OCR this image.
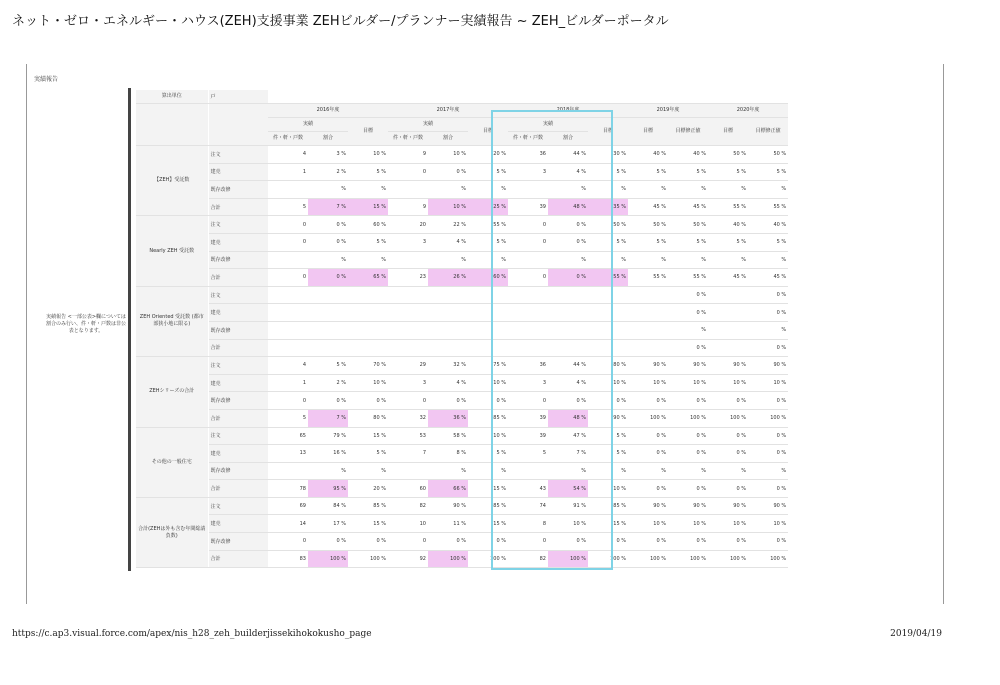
ネット・ゼロ・エネルギー・ハウス(ZEH)支援事業 ZEHビルダー/プランナー実績報告 ~ ZEH_ビルダーポータル
実績報告
実績報告 <一部公表>欄については割合のみ行い、件・軒・戸数は非公表となります。
算出単位	戸													
		2016年度			2017年度			2018年度			2019年度		2020年度	
		実績		目標	実績		目標	実績		目標	目標	目標修正値	目標	目標修正値
		件・軒・戸数	割合		件・軒・戸数	割合		件・軒・戸数	割合					
【ZEH】受託数	注文	4	3 %	10 %	9	10 %	20 %	36	44 %	30 %	40 %	40 %	50 %	50 %
	建売	1	2 %	5 %	0	0 %	5 %	3	4 %	5 %	5 %	5 %	5 %	5 %
	既存改修		%	%		%	%		%	%	%	%	%	%
	合計	5	7 %	15 %	9	10 %	25 %	39	48 %	35 %	45 %	45 %	55 %	55 %
Nearly ZEH 受託数	注文	0	0 %	60 %	20	22 %	55 %	0	0 %	50 %	50 %	50 %	40 %	40 %
	建売	0	0 %	5 %	3	4 %	5 %	0	0 %	5 %	5 %	5 %	5 %	5 %
	既存改修		%	%		%	%		%	%	%	%	%	%
	合計	0	0 %	65 %	23	26 %	60 %	0	0 %	55 %	55 %	55 %	45 %	45 %
ZEH Oriented 受託数 (都市部狭小地に限る)	注文											0 %		0 %
	建売											0 %		0 %
	既存改修											%		%
	合計											0 %		0 %
ZEHシリーズの合計	注文	4	5 %	70 %	29	32 %	75 %	36	44 %	80 %	90 %	90 %	90 %	90 %
	建売	1	2 %	10 %	3	4 %	10 %	3	4 %	10 %	10 %	10 %	10 %	10 %
	既存改修	0	0 %	0 %	0	0 %	0 %	0	0 %	0 %	0 %	0 %	0 %	0 %
	合計	5	7 %	80 %	32	36 %	85 %	39	48 %	90 %	100 %	100 %	100 %	100 %
その他の一般住宅	注文	65	79 %	15 %	53	58 %	10 %	39	47 %	5 %	0 %	0 %	0 %	0 %
	建売	13	16 %	5 %	7	8 %	5 %	5	7 %	5 %	0 %	0 %	0 %	0 %
	既存改修		%	%		%	%		%	%	%	%	%	%
	合計	78	95 %	20 %	60	66 %	15 %	43	54 %	10 %	0 %	0 %	0 %	0 %
合計(ZEHは外も含む年間総請負数)	注文	69	84 %	85 %	82	90 %	85 %	74	91 %	85 %	90 %	90 %	90 %	90 %
	建売	14	17 %	15 %	10	11 %	15 %	8	10 %	15 %	10 %	10 %	10 %	10 %
	既存改修	0	0 %	0 %	0	0 %	0 %	0	0 %	0 %	0 %	0 %	0 %	0 %
	合計	83	100 %	100 %	92	100 %	100 %	82	100 %	100 %	100 %	100 %	100 %	100 %
https://c.ap3.visual.force.com/apex/nis_h28_zeh_builderjissekihokokusho_page	2019/04/19
